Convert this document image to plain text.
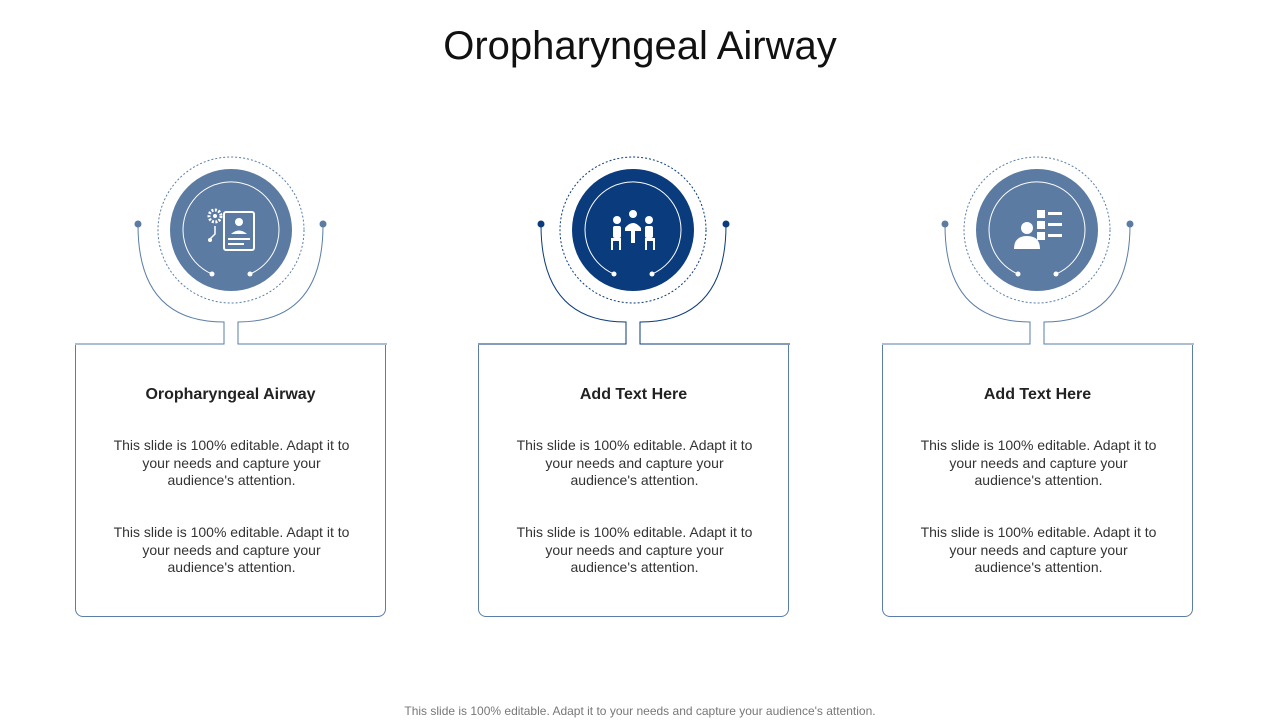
Oropharyngeal Airway

Oropharyngeal Airway

This slide is 100% editable. Adapt it to your needs and capture your audience's attention.

This slide is 100% editable. Adapt it to your needs and capture your audience's attention.

Add Text Here

This slide is 100% editable. Adapt it to your needs and capture your audience's attention.

This slide is 100% editable. Adapt it to your needs and capture your audience's attention.

Add Text Here

This slide is 100% editable. Adapt it to your needs and capture your audience's attention.

This slide is 100% editable. Adapt it to your needs and capture your audience's attention.

This slide is 100% editable. Adapt it to your needs and capture your audience's attention.
